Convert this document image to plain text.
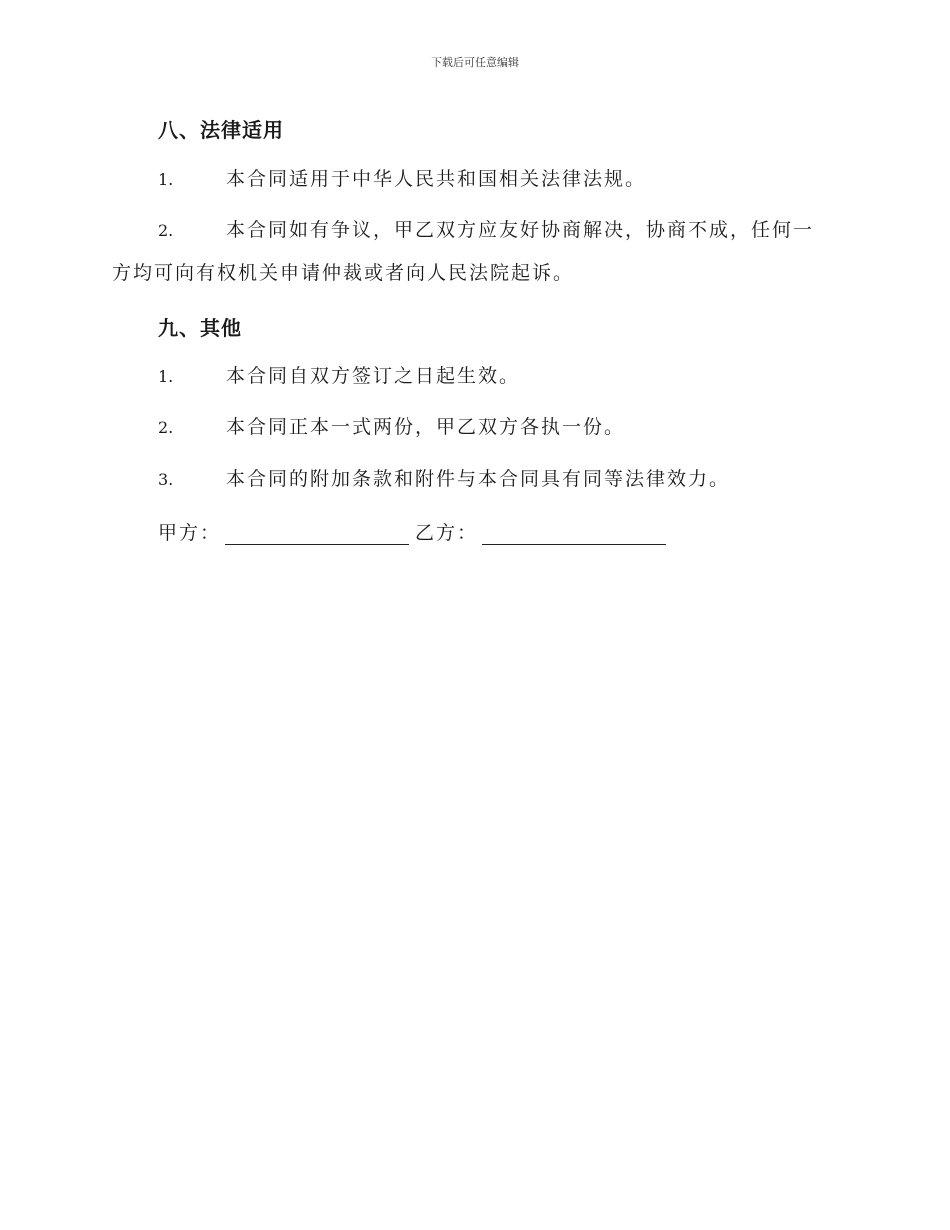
下载后可任意编辑
八、法律适用
1.	本合同适用于中华人民共和国相关法律法规。
2.	本合同如有争议，甲乙双方应友好协商解决，协商不成，任何一
方均可向有权机关申请仲裁或者向人民法院起诉。
九、其他
1.	本合同自双方签订之日起生效。
2.	本合同正本一式两份，甲乙双方各执一份。
3.	本合同的附加条款和附件与本合同具有同等法律效力。
甲方：	乙方：
